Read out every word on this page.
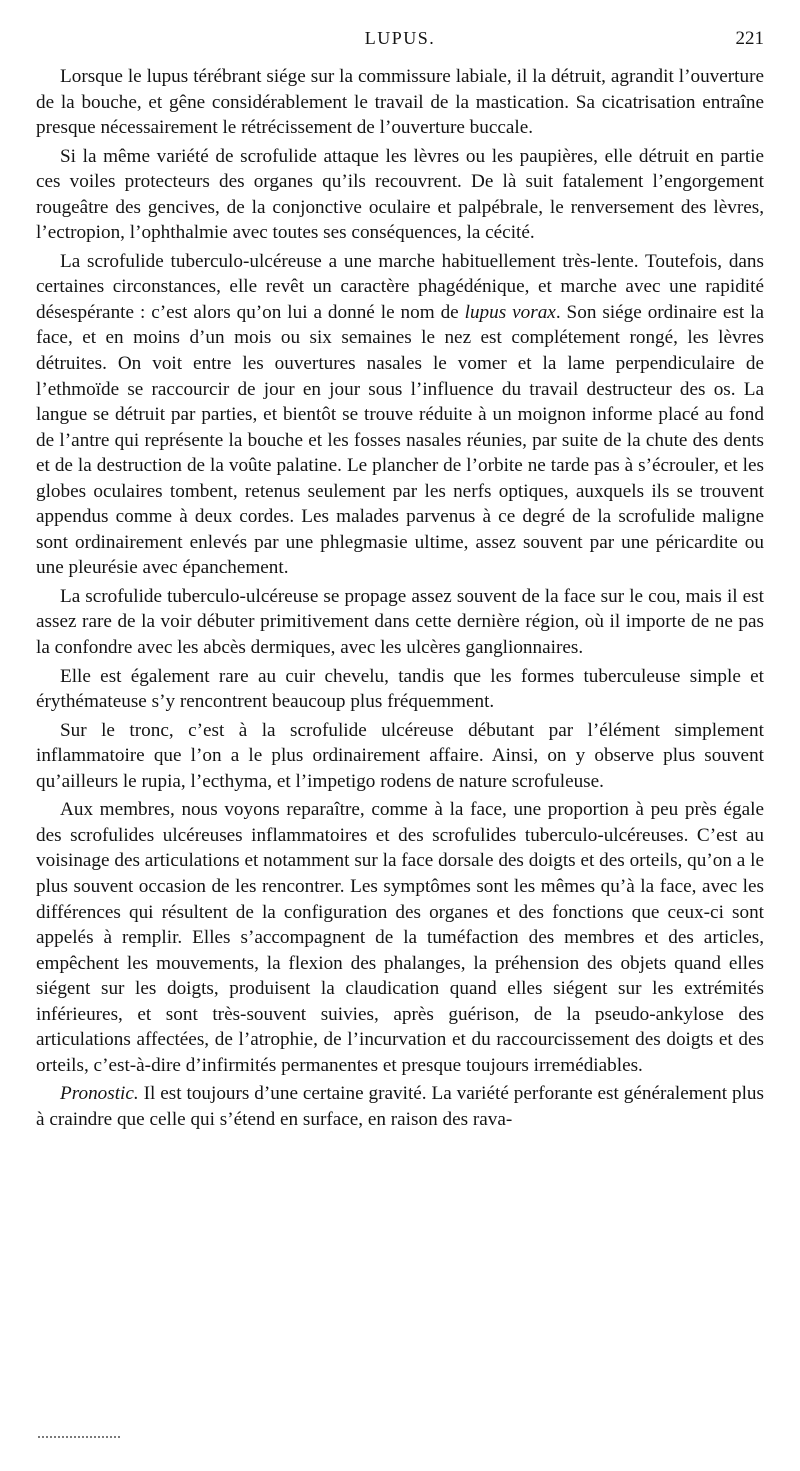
LUPUS.	221

Lorsque le lupus térébrant siége sur la commissure labiale, il la détruit, agrandit l’ouverture de la bouche, et gêne considérablement le travail de la mastication. Sa cicatrisation entraîne presque nécessairement le rétrécissement de l’ouverture buccale.

Si la même variété de scrofulide attaque les lèvres ou les paupières, elle détruit en partie ces voiles protecteurs des organes qu’ils recouvrent. De là suit fatalement l’engorgement rougeâtre des gencives, de la conjonctive oculaire et palpébrale, le renversement des lèvres, l’ectropion, l’ophthalmie avec toutes ses conséquences, la cécité.

La scrofulide tuberculo-ulcéreuse a une marche habituellement très-lente. Toutefois, dans certaines circonstances, elle revêt un caractère phagédénique, et marche avec une rapidité désespérante : c’est alors qu’on lui a donné le nom de lupus vorax. Son siége ordinaire est la face, et en moins d’un mois ou six semaines le nez est complétement rongé, les lèvres détruites. On voit entre les ouvertures nasales le vomer et la lame perpendiculaire de l’ethmoïde se raccourcir de jour en jour sous l’influence du travail destructeur des os. La langue se détruit par parties, et bientôt se trouve réduite à un moignon informe placé au fond de l’antre qui représente la bouche et les fosses nasales réunies, par suite de la chute des dents et de la destruction de la voûte palatine. Le plancher de l’orbite ne tarde pas à s’écrouler, et les globes oculaires tombent, retenus seulement par les nerfs optiques, auxquels ils se trouvent appendus comme à deux cordes. Les malades parvenus à ce degré de la scrofulide maligne sont ordinairement enlevés par une phlegmasie ultime, assez souvent par une péricardite ou une pleurésie avec épanchement.

La scrofulide tuberculo-ulcéreuse se propage assez souvent de la face sur le cou, mais il est assez rare de la voir débuter primitivement dans cette dernière région, où il importe de ne pas la confondre avec les abcès dermiques, avec les ulcères ganglionnaires.

Elle est également rare au cuir chevelu, tandis que les formes tuberculeuse simple et érythémateuse s’y rencontrent beaucoup plus fréquemment.

Sur le tronc, c’est à la scrofulide ulcéreuse débutant par l’élément simplement inflammatoire que l’on a le plus ordinairement affaire. Ainsi, on y observe plus souvent qu’ailleurs le rupia, l’ecthyma, et l’impetigo rodens de nature scrofuleuse.

Aux membres, nous voyons reparaître, comme à la face, une proportion à peu près égale des scrofulides ulcéreuses inflammatoires et des scrofulides tuberculo-ulcéreuses. C’est au voisinage des articulations et notamment sur la face dorsale des doigts et des orteils, qu’on a le plus souvent occasion de les rencontrer. Les symptômes sont les mêmes qu’à la face, avec les différences qui résultent de la configuration des organes et des fonctions que ceux-ci sont appelés à remplir. Elles s’accompagnent de la tuméfaction des membres et des articles, empêchent les mouvements, la flexion des phalanges, la préhension des objets quand elles siégent sur les doigts, produisent la claudication quand elles siégent sur les extrémités inférieures, et sont très-souvent suivies, après guérison, de la pseudo-ankylose des articulations affectées, de l’atrophie, de l’incurvation et du raccourcissement des doigts et des orteils, c’est-à-dire d’infirmités permanentes et presque toujours irremédiables.

Pronostic. Il est toujours d’une certaine gravité. La variété perforante est généralement plus à craindre que celle qui s’étend en surface, en raison des rava-
